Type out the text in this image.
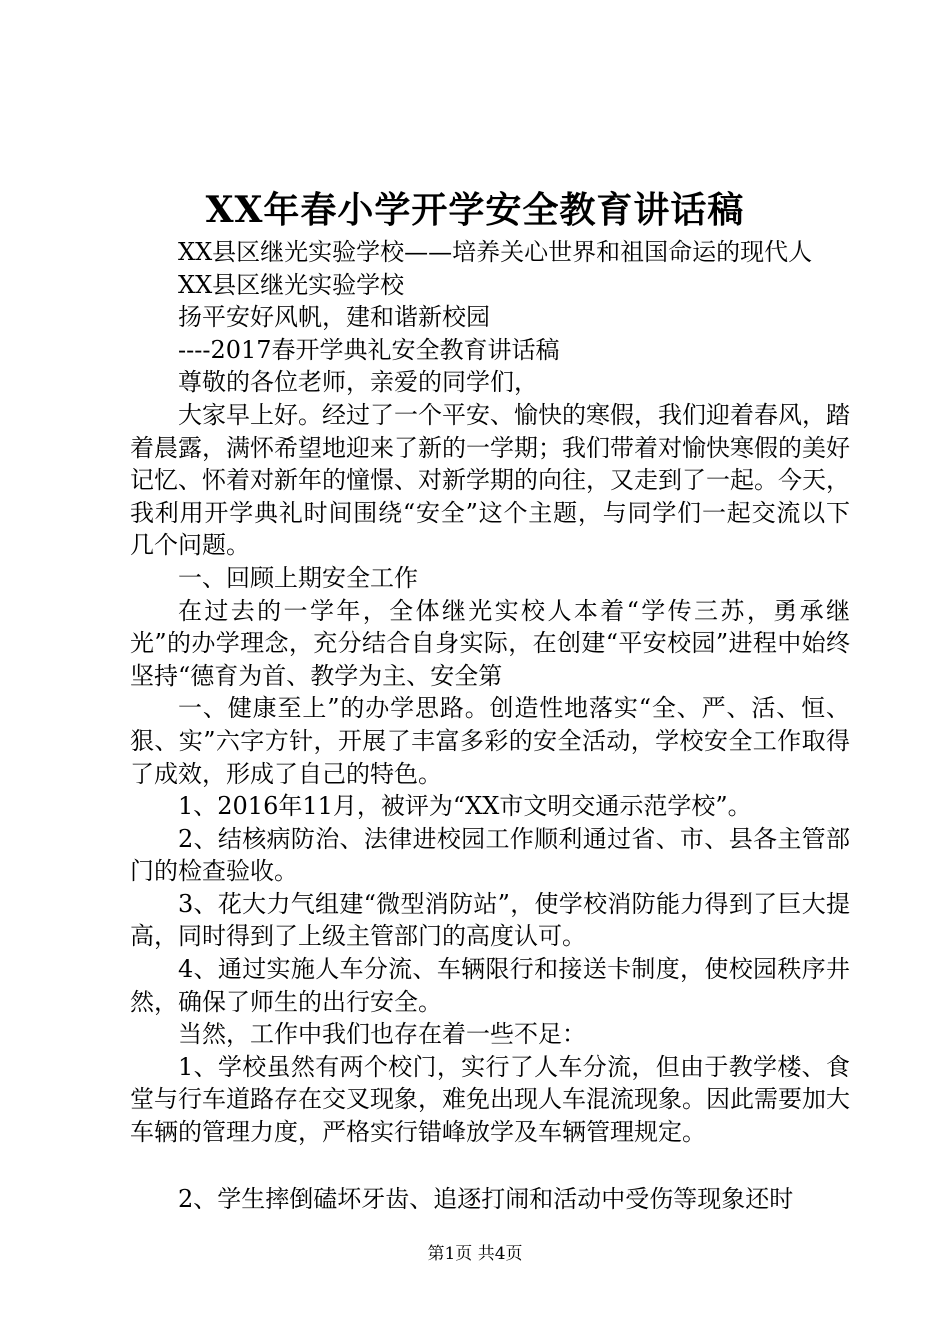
XX年春小学开学安全教育讲话稿

XX县区继光实验学校——培养关心世界和祖国命运的现代人

XX县区继光实验学校

扬平安好风帆，建和谐新校园

----2017春开学典礼安全教育讲话稿

尊敬的各位老师，亲爱的同学们，

大家早上好。经过了一个平安、愉快的寒假，我们迎着春风，踏着晨露，满怀希望地迎来了新的一学期；我们带着对愉快寒假的美好记忆、怀着对新年的憧憬、对新学期的向往，又走到了一起。今天，我利用开学典礼时间围绕“安全”这个主题，与同学们一起交流以下几个问题。

一、回顾上期安全工作

在过去的一学年，全体继光实校人本着“学传三苏，勇承继光”的办学理念，充分结合自身实际，在创建“平安校园”进程中始终坚持“德育为首、教学为主、安全第

一、健康至上”的办学思路。创造性地落实“全、严、活、恒、狠、实”六字方针，开展了丰富多彩的安全活动，学校安全工作取得了成效，形成了自己的特色。

1、2016年11月，被评为“XX市文明交通示范学校”。

2、结核病防治、法律进校园工作顺利通过省、市、县各主管部门的检查验收。

3、花大力气组建“微型消防站”，使学校消防能力得到了巨大提高，同时得到了上级主管部门的高度认可。

4、通过实施人车分流、车辆限行和接送卡制度，使校园秩序井然，确保了师生的出行安全。

当然，工作中我们也存在着一些不足：

1、学校虽然有两个校门，实行了人车分流，但由于教学楼、食堂与行车道路存在交叉现象，难免出现人车混流现象。因此需要加大车辆的管理力度，严格实行错峰放学及车辆管理规定。

2、学生摔倒磕坏牙齿、追逐打闹和活动中受伤等现象还时

第1页 共4页
